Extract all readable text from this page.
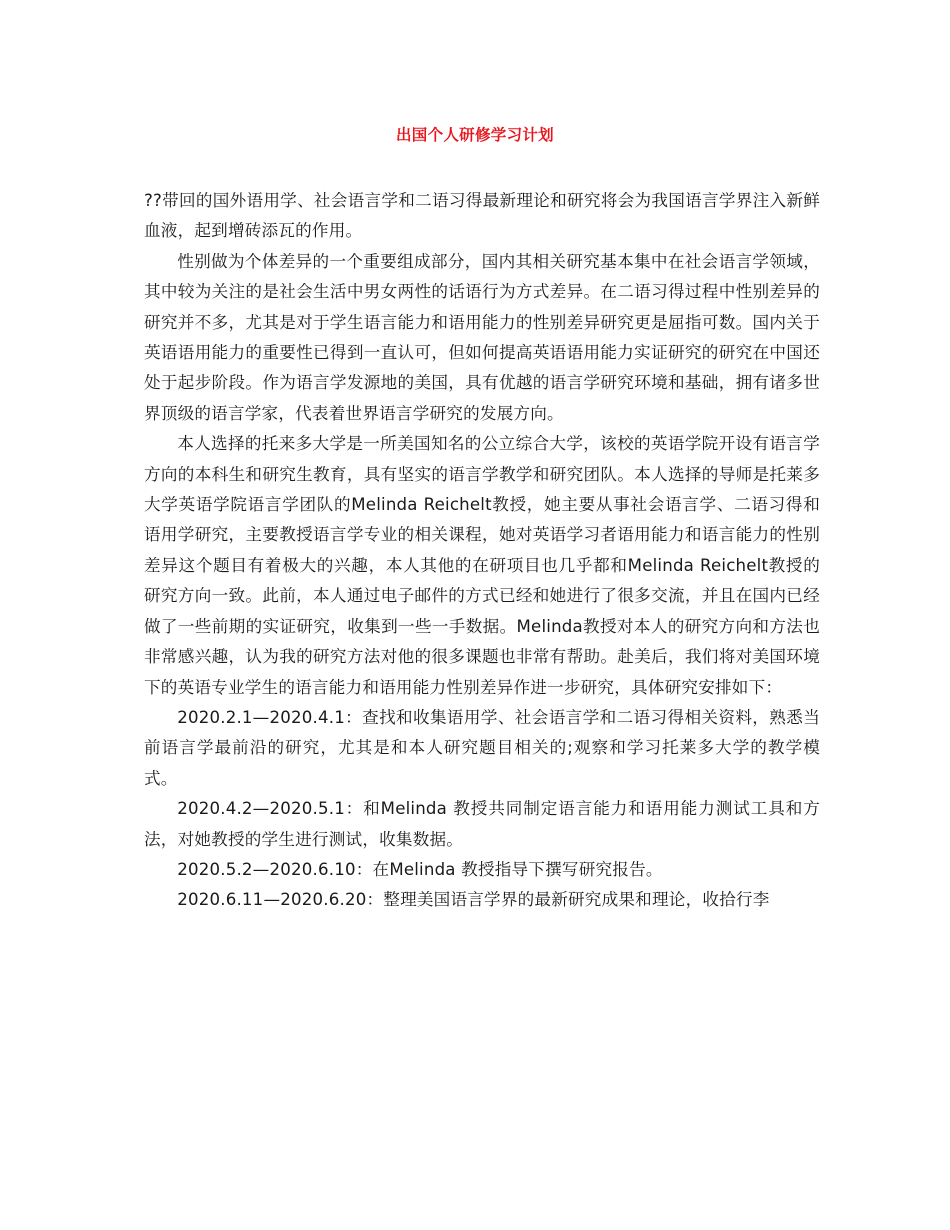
出国个人研修学习计划

??带回的国外语用学、社会语言学和二语习得最新理论和研究将会为我国语言学界注入新鲜血液，起到增砖添瓦的作用。

性别做为个体差异的一个重要组成部分，国内其相关研究基本集中在社会语言学领域，其中较为关注的是社会生活中男女两性的话语行为方式差异。在二语习得过程中性别差异的研究并不多，尤其是对于学生语言能力和语用能力的性别差异研究更是屈指可数。国内关于英语语用能力的重要性已得到一直认可，但如何提高英语语用能力实证研究的研究在中国还处于起步阶段。作为语言学发源地的美国，具有优越的语言学研究环境和基础，拥有诸多世界顶级的语言学家，代表着世界语言学研究的发展方向。

本人选择的托来多大学是一所美国知名的公立综合大学，该校的英语学院开设有语言学方向的本科生和研究生教育，具有坚实的语言学教学和研究团队。本人选择的导师是托莱多大学英语学院语言学团队的Melinda Reichelt教授，她主要从事社会语言学、二语习得和语用学研究，主要教授语言学专业的相关课程，她对英语学习者语用能力和语言能力的性别差异这个题目有着极大的兴趣，本人其他的在研项目也几乎都和Melinda Reichelt教授的研究方向一致。此前，本人通过电子邮件的方式已经和她进行了很多交流，并且在国内已经做了一些前期的实证研究，收集到一些一手数据。Melinda教授对本人的研究方向和方法也非常感兴趣，认为我的研究方法对他的很多课题也非常有帮助。赴美后，我们将对美国环境下的英语专业学生的语言能力和语用能力性别差异作进一步研究，具体研究安排如下：

2020.2.1—2020.4.1：查找和收集语用学、社会语言学和二语习得相关资料，熟悉当前语言学最前沿的研究，尤其是和本人研究题目相关的;观察和学习托莱多大学的教学模式。

2020.4.2—2020.5.1：和Melinda 教授共同制定语言能力和语用能力测试工具和方法，对她教授的学生进行测试，收集数据。

2020.5.2—2020.6.10：在Melinda 教授指导下撰写研究报告。

2020.6.11—2020.6.20：整理美国语言学界的最新研究成果和理论，收拾行李
